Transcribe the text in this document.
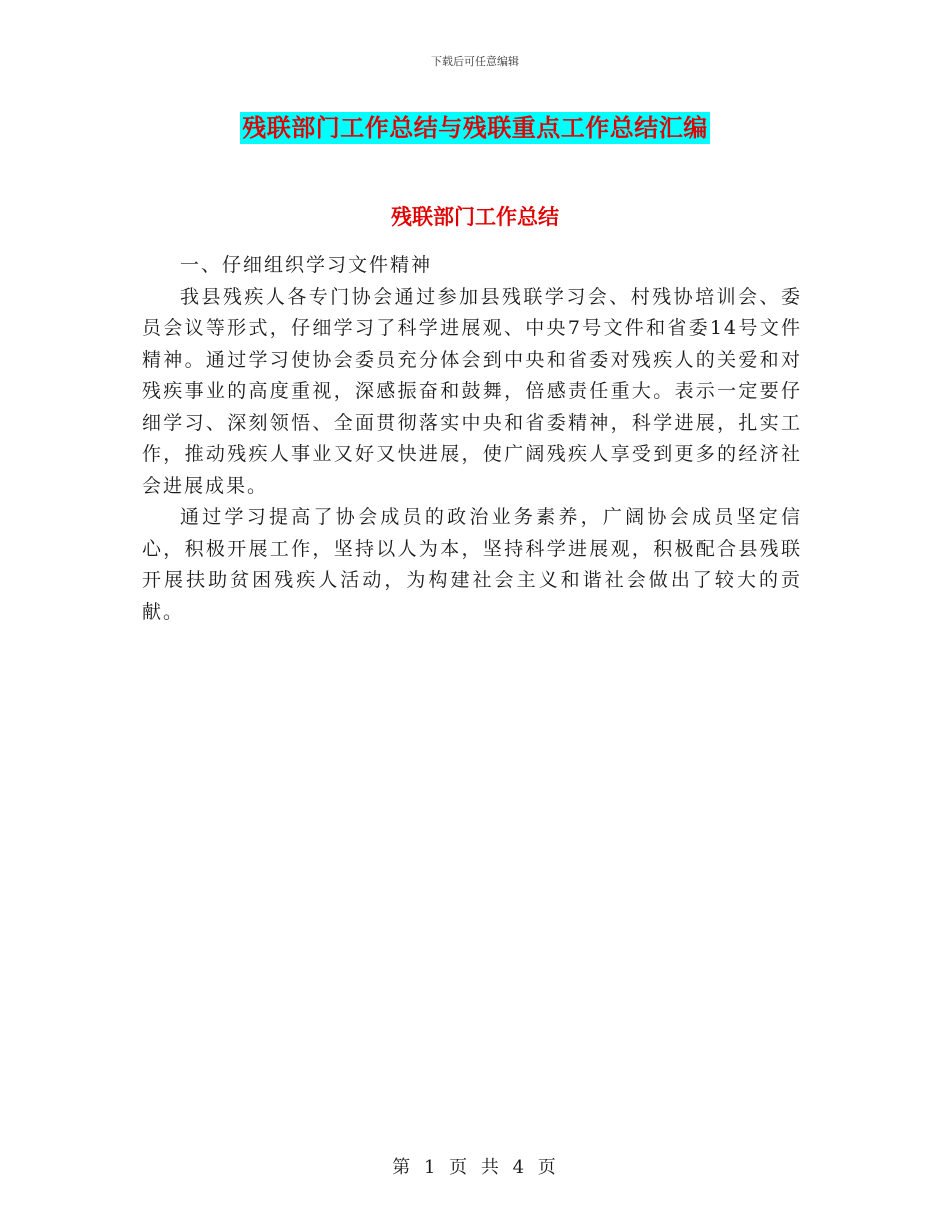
下载后可任意编辑
残联部门工作总结与残联重点工作总结汇编
残联部门工作总结

一、仔细组织学习文件精神

我县残疾人各专门协会通过参加县残联学习会、村残协培训会、委员会议等形式，仔细学习了科学进展观、中央7号文件和省委14号文件精神。通过学习使协会委员充分体会到中央和省委对残疾人的关爱和对残疾事业的高度重视，深感振奋和鼓舞，倍感责任重大。表示一定要仔细学习、深刻领悟、全面贯彻落实中央和省委精神，科学进展，扎实工作，推动残疾人事业又好又快进展，使广阔残疾人享受到更多的经济社会进展成果。

通过学习提高了协会成员的政治业务素养，广阔协会成员坚定信心，积极开展工作，坚持以人为本，坚持科学进展观，积极配合县残联开展扶助贫困残疾人活动，为构建社会主义和谐社会做出了较大的贡献。

第 1 页 共 4 页
